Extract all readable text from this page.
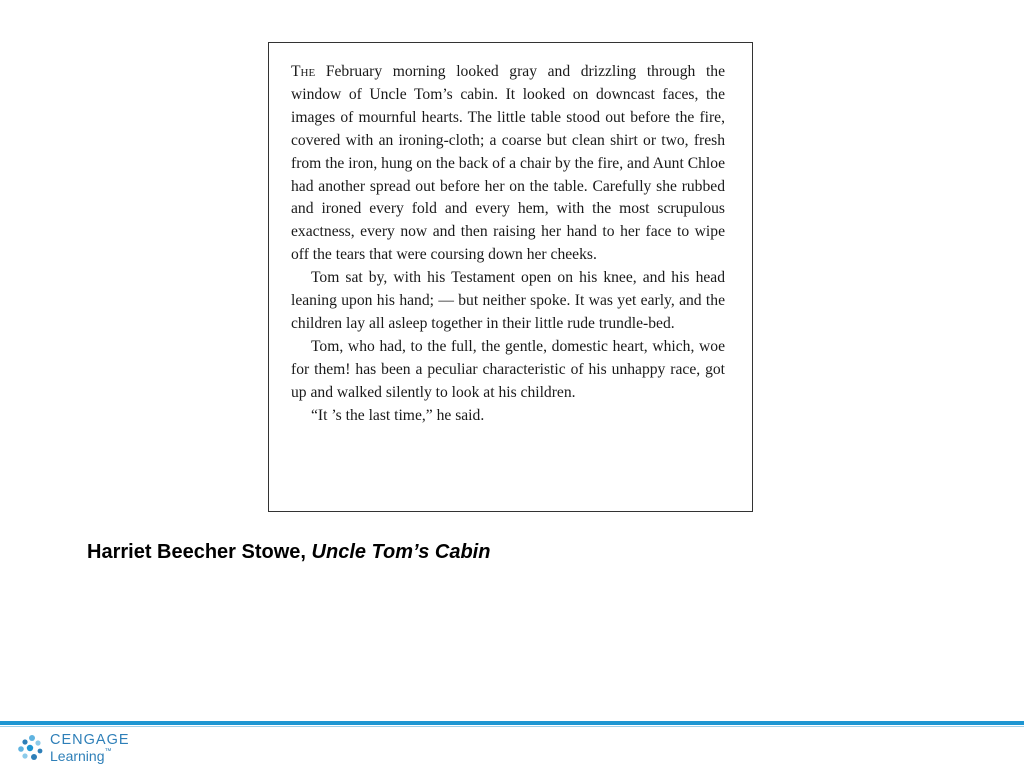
The February morning looked gray and drizzling through the window of Uncle Tom’s cabin. It looked on downcast faces, the images of mournful hearts. The little table stood out before the fire, covered with an ironing-cloth; a coarse but clean shirt or two, fresh from the iron, hung on the back of a chair by the fire, and Aunt Chloe had another spread out before her on the table. Carefully she rubbed and ironed every fold and every hem, with the most scrupulous exactness, every now and then raising her hand to her face to wipe off the tears that were coursing down her cheeks.

Tom sat by, with his Testament open on his knee, and his head leaning upon his hand; — but neither spoke. It was yet early, and the children lay all asleep together in their little rude trundle-bed.

Tom, who had, to the full, the gentle, domestic heart, which, woe for them! has been a peculiar characteristic of his unhappy race, got up and walked silently to look at his children.

“It ’s the last time,” he said.

Harriet Beecher Stowe, Uncle Tom’s Cabin
CENGAGE
Learning™
